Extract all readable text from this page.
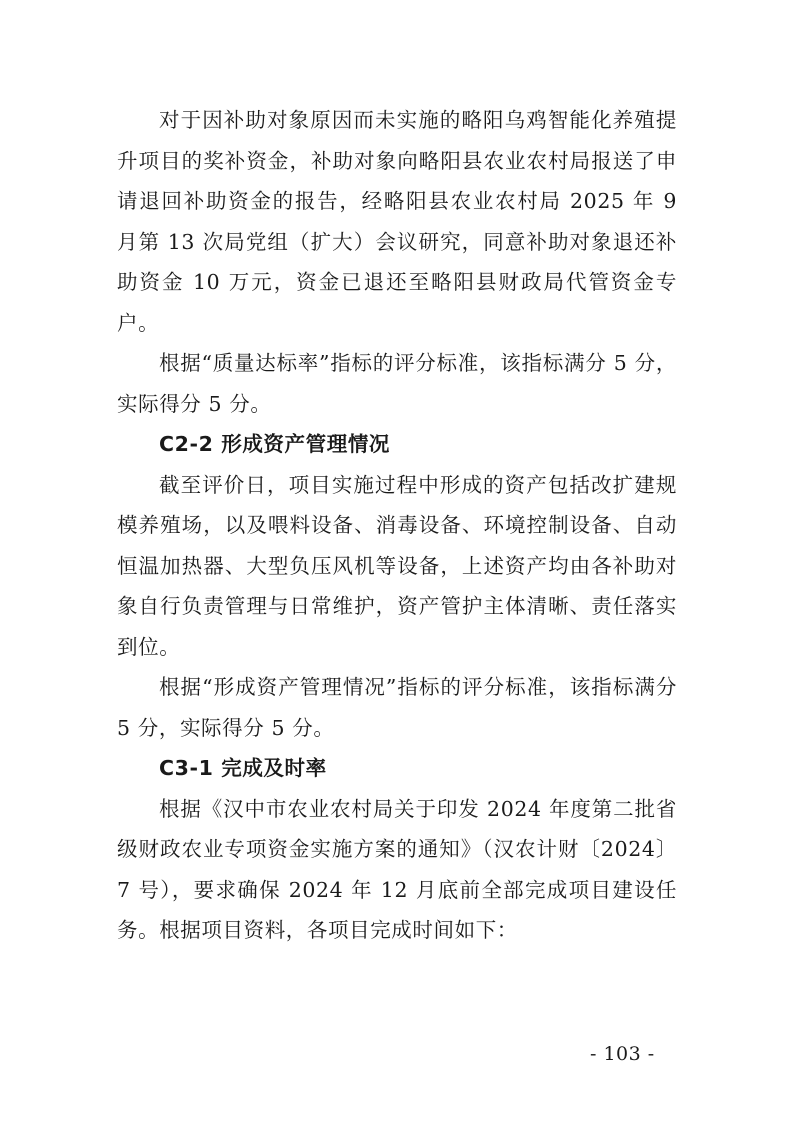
对于因补助对象原因而未实施的略阳乌鸡智能化养殖提升项目的奖补资金，补助对象向略阳县农业农村局报送了申请退回补助资金的报告，经略阳县农业农村局 2025 年 9 月第 13 次局党组（扩大）会议研究，同意补助对象退还补助资金 10 万元，资金已退还至略阳县财政局代管资金专户。

根据“质量达标率”指标的评分标准，该指标满分 5 分，实际得分 5 分。

C2-2 形成资产管理情况

截至评价日，项目实施过程中形成的资产包括改扩建规模养殖场，以及喂料设备、消毒设备、环境控制设备、自动恒温加热器、大型负压风机等设备，上述资产均由各补助对象自行负责管理与日常维护，资产管护主体清晰、责任落实到位。

根据“形成资产管理情况”指标的评分标准，该指标满分 5 分，实际得分 5 分。

C3-1 完成及时率

根据《汉中市农业农村局关于印发 2024 年度第二批省级财政农业专项资金实施方案的通知》（汉农计财〔2024〕7 号），要求确保 2024 年 12 月底前全部完成项目建设任务。根据项目资料，各项目完成时间如下：

- 103 -
